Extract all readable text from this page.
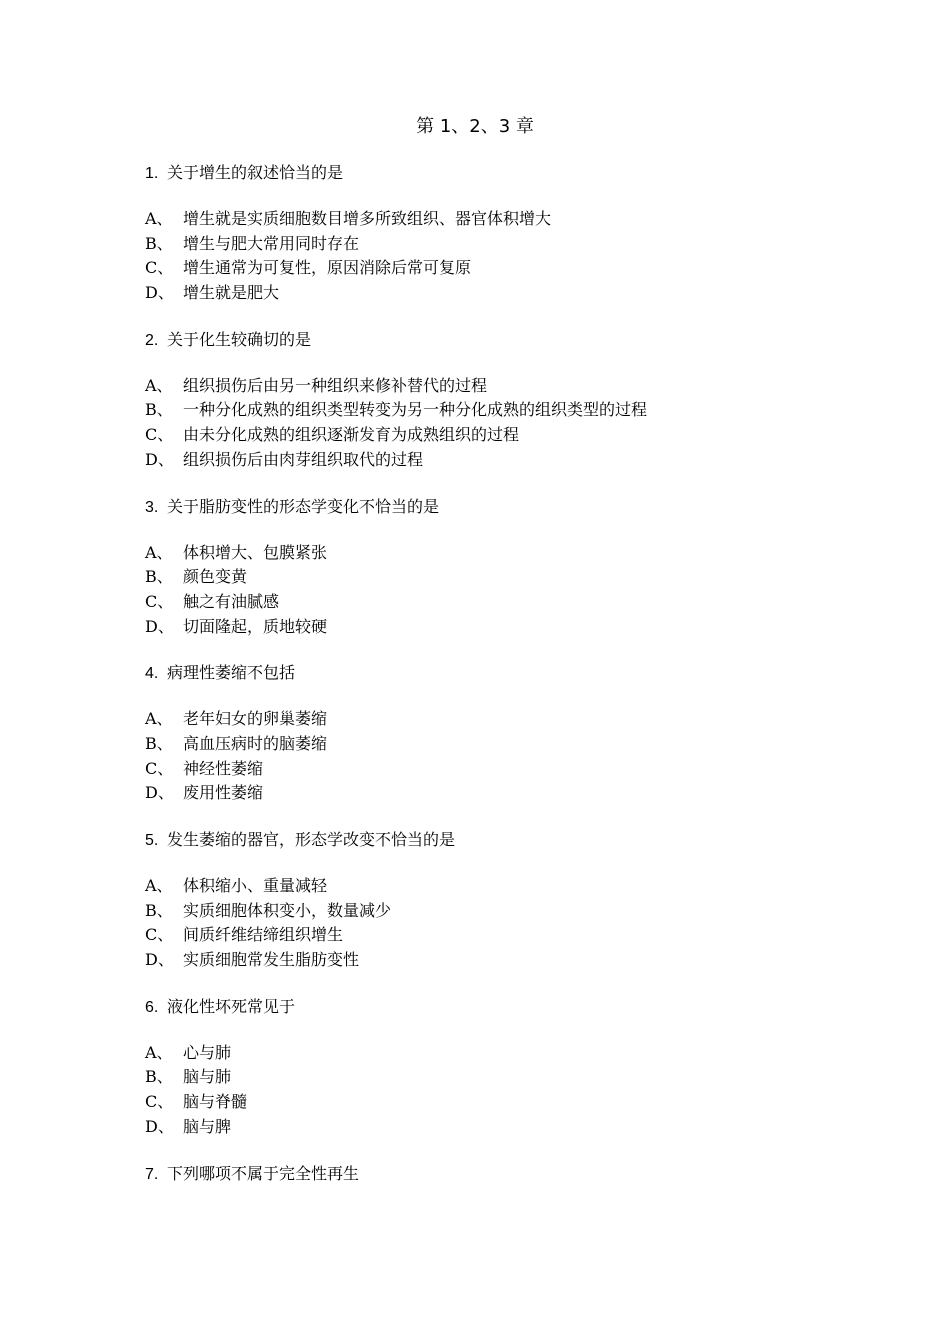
第 1、2、3 章
1. 关于增生的叙述恰当的是
A、 增生就是实质细胞数目增多所致组织、器官体积增大
B、 增生与肥大常用同时存在
C、 增生通常为可复性，原因消除后常可复原
D、 增生就是肥大
2. 关于化生较确切的是
A、 组织损伤后由另一种组织来修补替代的过程
B、 一种分化成熟的组织类型转变为另一种分化成熟的组织类型的过程
C、 由未分化成熟的组织逐渐发育为成熟组织的过程
D、 组织损伤后由肉芽组织取代的过程
3. 关于脂肪变性的形态学变化不恰当的是
A、 体积增大、包膜紧张
B、 颜色变黄
C、 触之有油腻感
D、 切面隆起，质地较硬
4. 病理性萎缩不包括
A、 老年妇女的卵巢萎缩
B、 高血压病时的脑萎缩
C、 神经性萎缩
D、 废用性萎缩
5. 发生萎缩的器官，形态学改变不恰当的是
A、 体积缩小、重量减轻
B、 实质细胞体积变小，数量减少
C、 间质纤维结缔组织增生
D、 实质细胞常发生脂肪变性
6. 液化性坏死常见于
A、 心与肺
B、 脑与肺
C、 脑与脊髓
D、 脑与脾
7. 下列哪项不属于完全性再生
